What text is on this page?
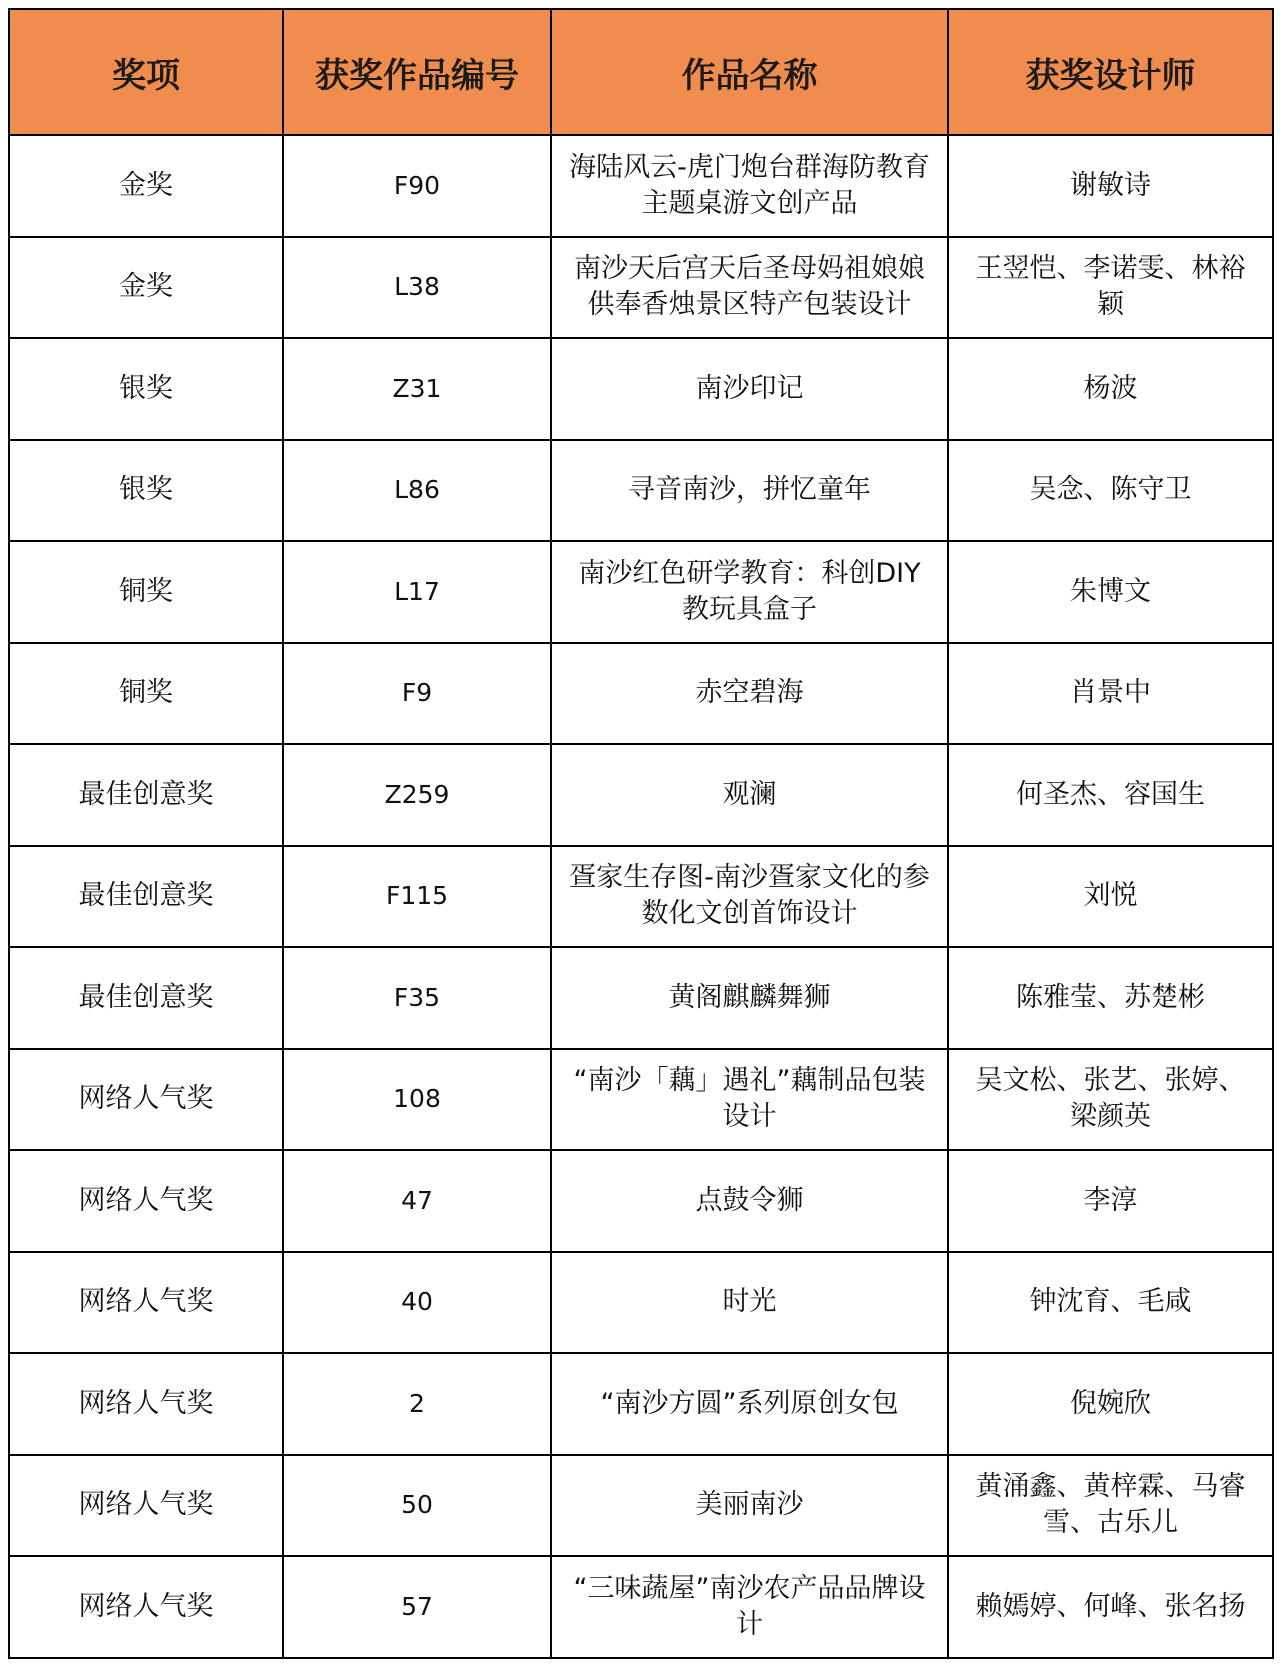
奖项	获奖作品编号	作品名称	获奖设计师
金奖	F90	海陆风云-虎门炮台群海防教育主题桌游文创产品	谢敏诗
金奖	L38	南沙天后宫天后圣母妈祖娘娘供奉香烛景区特产包装设计	王翌恺、李诺雯、林裕颖
银奖	Z31	南沙印记	杨波
银奖	L86	寻音南沙，拼忆童年	吴念、陈守卫
铜奖	L17	南沙红色研学教育：科创DIY教玩具盒子	朱博文
铜奖	F9	赤空碧海	肖景中
最佳创意奖	Z259	观澜	何圣杰、容国生
最佳创意奖	F115	疍家生存图-南沙疍家文化的参数化文创首饰设计	刘悦
最佳创意奖	F35	黄阁麒麟舞狮	陈雅莹、苏楚彬
网络人气奖	108	“南沙「藕」遇礼”藕制品包装设计	吴文松、张艺、张婷、梁颜英
网络人气奖	47	点鼓令狮	李淳
网络人气奖	40	时光	钟沈育、毛咸
网络人气奖	2	“南沙方圆”系列原创女包	倪婉欣
网络人气奖	50	美丽南沙	黄涌鑫、黄梓霖、马睿雪、古乐儿
网络人气奖	57	“三味蔬屋”南沙农产品品牌设计	赖嫣婷、何峰、张名扬
